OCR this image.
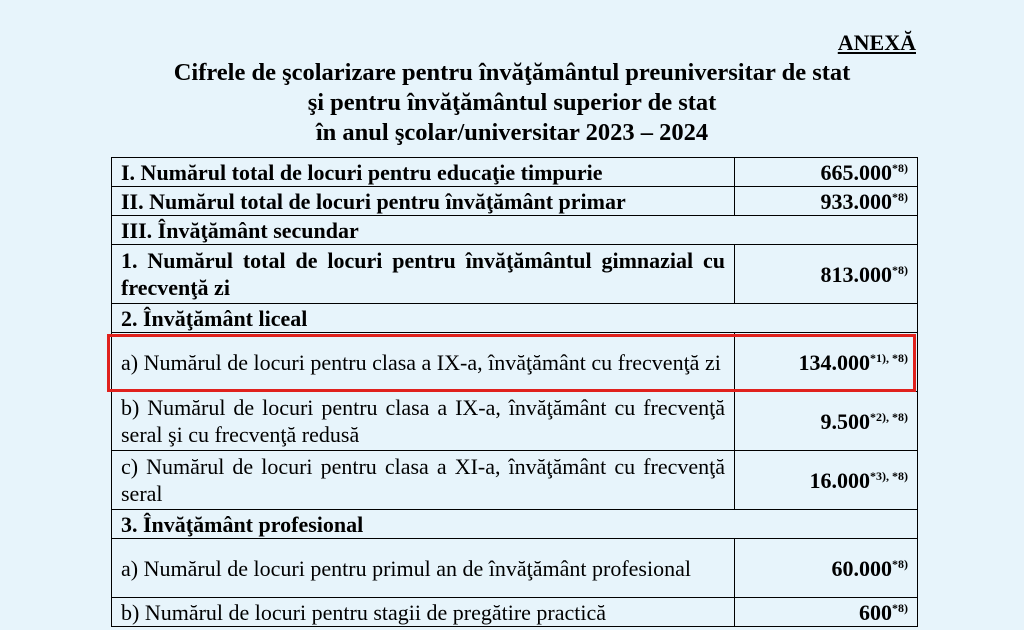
ANEXĂ
Cifrele de şcolarizare pentru învăţământul preuniversitar de stat
şi pentru învăţământul superior de stat
în anul şcolar/universitar 2023 – 2024
I. Numărul total de locuri pentru educaţie timpurie	665.000$^{*8)}$
II. Numărul total de locuri pentru învăţământ primar	933.000$^{*8)}$
III. Învăţământ secundar	
1. Numărul total de locuri pentru învăţământul gimnazial cu frecvenţă zi	813.000$^{*8)}$
2. Învăţământ liceal	
a) Numărul de locuri pentru clasa a IX-a, învăţământ cu frecvenţă zi	$134.000^{*1), *8)}$
b) Numărul de locuri pentru clasa a IX-a, învăţământ cu frecvenţă seral şi cu frecvenţă redusă	$9.500^{*2), *8)}$
c) Numărul de locuri pentru clasa a XI-a, învăţământ cu frecvenţă seral	$16.000^{*3), *8)}$
3. Învăţământ profesional	
a) Numărul de locuri pentru primul an de învăţământ profesional	60.000$^{*8)}$
b) Numărul de locuri pentru stagii de pregătire practică	600$^{*8)}$
